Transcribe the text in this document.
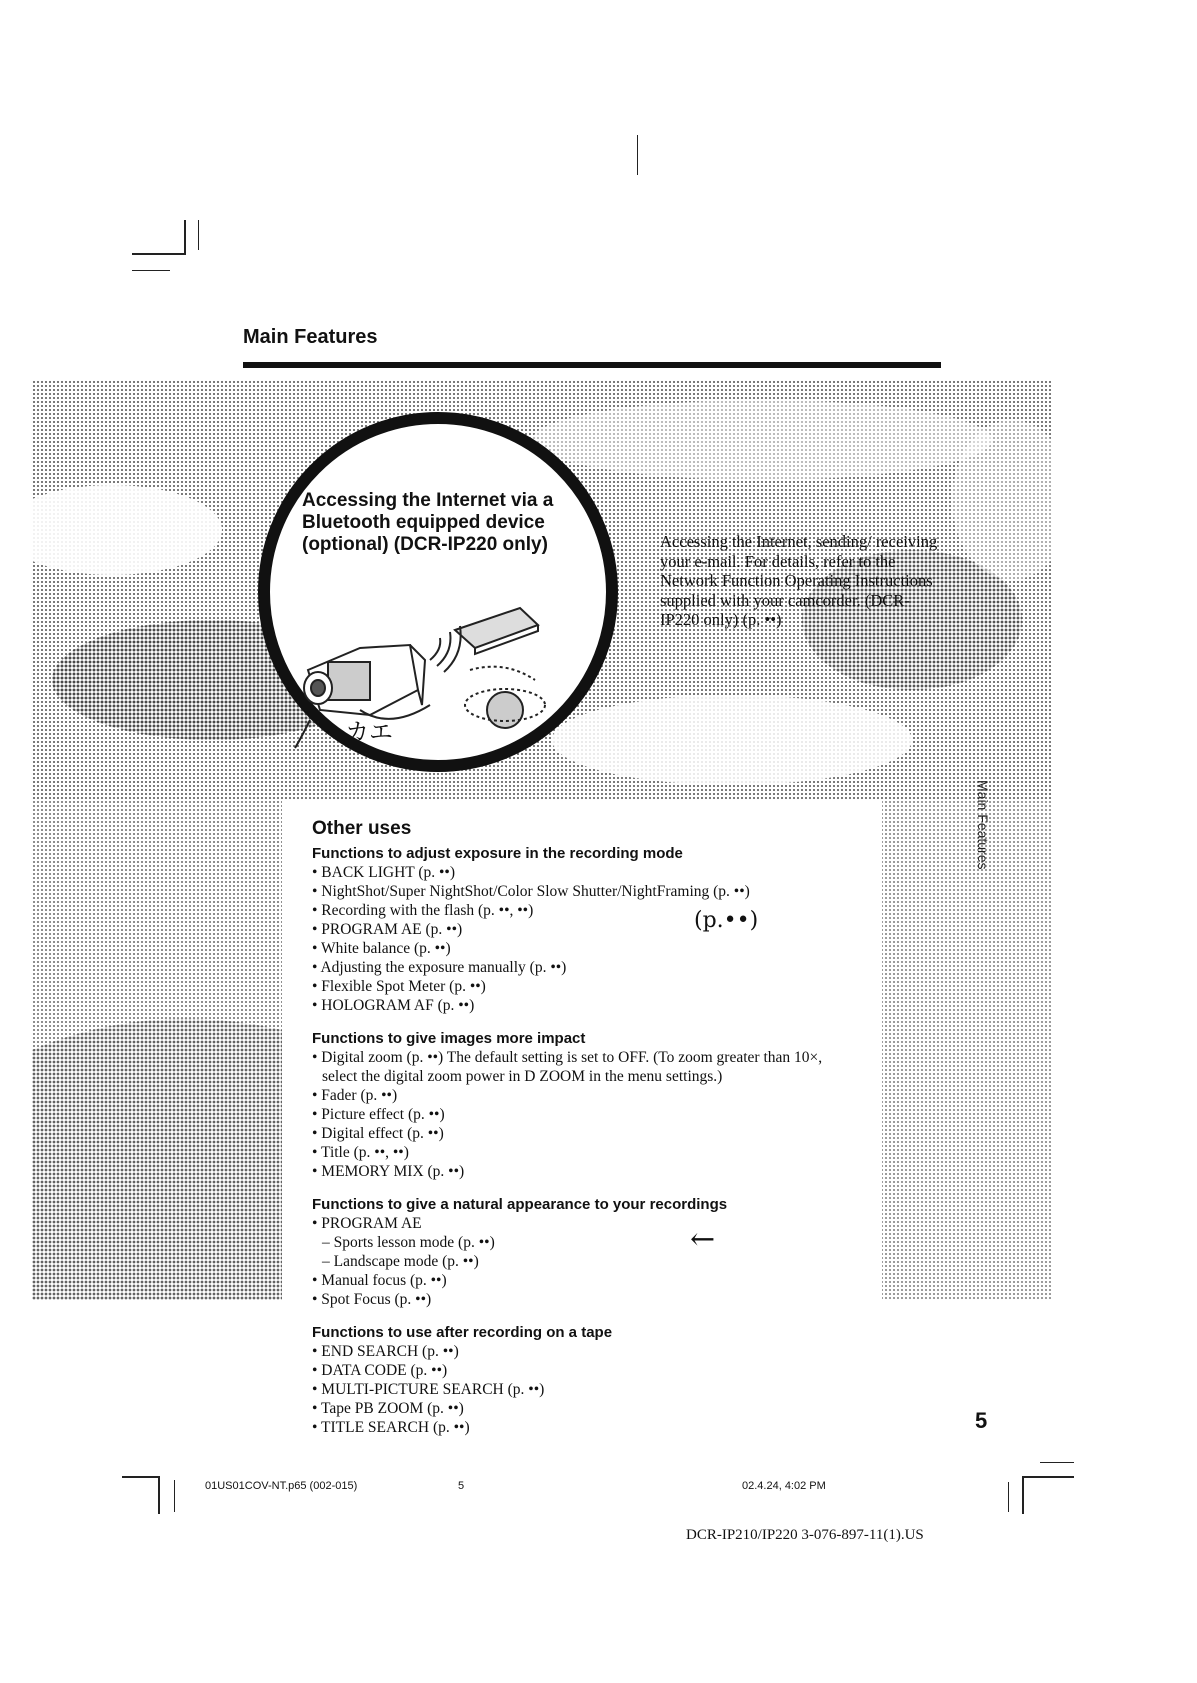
Main Features
Accessing the Internet via a Bluetooth equipped device (optional) (DCR-IP220 only)
カエ
Accessing the Internet, sending/ receiving your e-mail. For details, refer to the Network Function Operating Instructions supplied with your camcorder. (DCR-IP220 only) (p. ••)
Main Features
Other uses
Functions to adjust exposure in the recording mode
• BACK LIGHT (p. ••)
• NightShot/Super NightShot/Color Slow Shutter/NightFraming (p. ••)
• Recording with the flash (p. ••, ••)
• PROGRAM AE (p. ••)
• White balance (p. ••)
• Adjusting the exposure manually (p. ••)
• Flexible Spot Meter (p. ••)
• HOLOGRAM AF (p. ••)
Functions to give images more impact
• Digital zoom (p. ••) The default setting is set to OFF. (To zoom greater than 10×,
select the digital zoom power in D ZOOM in the menu settings.)
• Fader (p. ••)
• Picture effect (p. ••)
• Digital effect (p. ••)
• Title (p. ••, ••)
• MEMORY MIX (p. ••)
Functions to give a natural appearance to your recordings
• PROGRAM AE
– Sports lesson mode (p. ••)
– Landscape mode (p. ••)
• Manual focus (p. ••)
• Spot Focus (p. ••)
Functions to use after recording on a tape
• END SEARCH (p. ••)
• DATA CODE (p. ••)
• MULTI-PICTURE SEARCH (p. ••)
• Tape PB ZOOM (p. ••)
• TITLE SEARCH (p. ••)
(p.••)
←
5
01US01COV-NT.p65 (002-015)	5	02.4.24, 4:02 PM
DCR-IP210/IP220 3-076-897-11(1).US
